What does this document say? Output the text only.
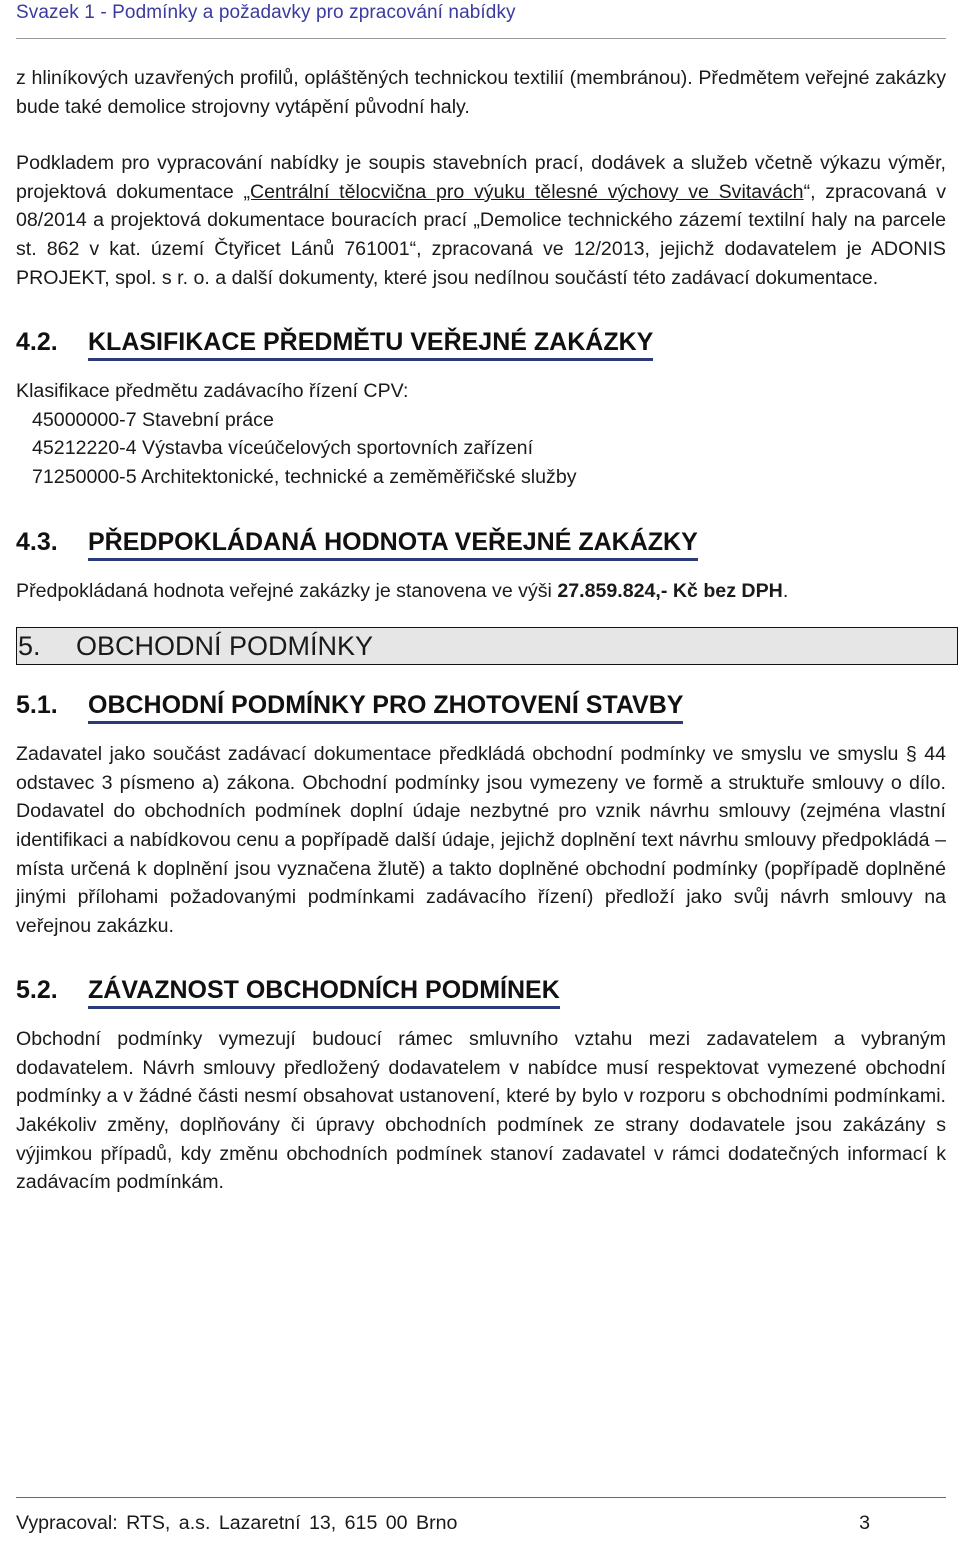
Svazek 1 - Podmínky a požadavky pro zpracování nabídky

z hliníkových uzavřených profilů, opláštěných technickou textilií (membránou). Předmětem veřejné zakázky bude také demolice strojovny vytápění původní haly.

Podkladem pro vypracování nabídky je soupis stavebních prací, dodávek a služeb včetně výkazu výměr, projektová dokumentace „Centrální tělocvična pro výuku tělesné výchovy ve Svitavách“, zpracovaná v 08/2014 a projektová dokumentace bouracích prací „Demolice technického zázemí textilní haly na parcele st. 862 v kat. území Čtyřicet Lánů 761001“, zpracovaná ve 12/2013, jejichž dodavatelem je ADONIS PROJEKT, spol. s r. o. a další dokumenty, které jsou nedílnou součástí této zadávací dokumentace.

4.2.	KLASIFIKACE PŘEDMĚTU VEŘEJNÉ ZAKÁZKY

Klasifikace předmětu zadávacího řízení CPV:

45000000-7 Stavební práce
45212220-4 Výstavba víceúčelových sportovních zařízení
71250000-5 Architektonické, technické a zeměměřičské služby
4.3.	PŘEDPOKLÁDANÁ HODNOTA VEŘEJNÉ ZAKÁZKY

Předpokládaná hodnota veřejné zakázky je stanovena ve výši 27.859.824,- Kč bez DPH.

5.	OBCHODNÍ PODMÍNKY
5.1.	OBCHODNÍ PODMÍNKY PRO ZHOTOVENÍ STAVBY

Zadavatel jako součást zadávací dokumentace předkládá obchodní podmínky ve smyslu ve smyslu § 44 odstavec 3 písmeno a) zákona. Obchodní podmínky jsou vymezeny ve formě a struktuře smlouvy o dílo. Dodavatel do obchodních podmínek doplní údaje nezbytné pro vznik návrhu smlouvy (zejména vlastní identifikaci a nabídkovou cenu a popřípadě další údaje, jejichž doplnění text návrhu smlouvy předpokládá – místa určená k doplnění jsou vyznačena žlutě) a takto doplněné obchodní podmínky (popřípadě doplněné jinými přílohami požadovanými podmínkami zadávacího řízení) předloží jako svůj návrh smlouvy na veřejnou zakázku.

5.2.	ZÁVAZNOST OBCHODNÍCH PODMÍNEK

Obchodní podmínky vymezují budoucí rámec smluvního vztahu mezi zadavatelem a vybraným dodavatelem. Návrh smlouvy předložený dodavatelem v nabídce musí respektovat vymezené obchodní podmínky a v žádné části nesmí obsahovat ustanovení, které by bylo v rozporu s obchodními podmínkami. Jakékoliv změny, doplňovány či úpravy obchodních podmínek ze strany dodavatele jsou zakázány s výjimkou případů, kdy změnu obchodních podmínek stanoví zadavatel v rámci dodatečných informací k zadávacím podmínkám.

Vypracoval: RTS, a.s. Lazaretní 13, 615 00 Brno	3
